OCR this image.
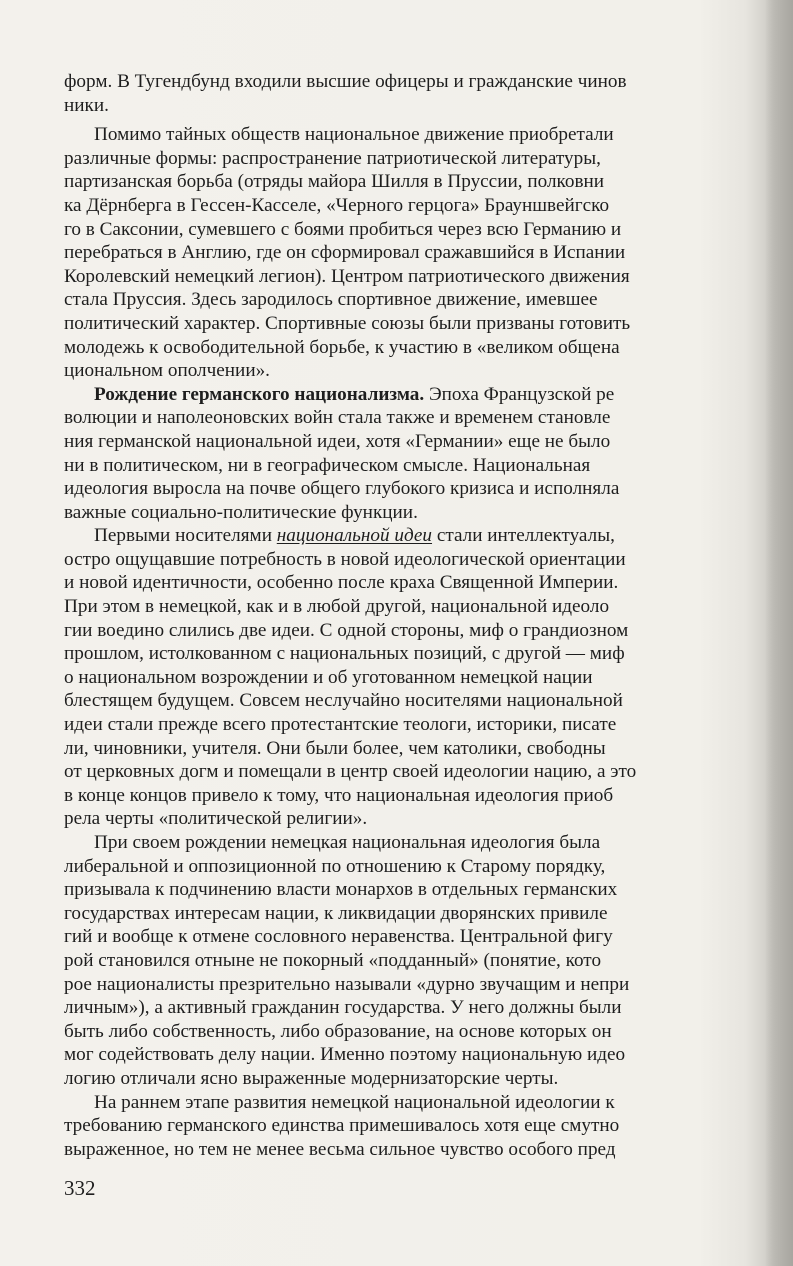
форм. В Тугендбунд входили высшие офицеры и гражданские чинов
ники.
Помимо тайных обществ национальное движение приобретали
различные формы: распространение патриотической литературы,
партизанская борьба (отряды майора Шилля в Пруссии, полковни
ка Дёрнберга в Гессен-Касселе, «Черного герцога» Брауншвейгско
го в Саксонии, сумевшего с боями пробиться через всю Германию и
перебраться в Англию, где он сформировал сражавшийся в Испании
Королевский немецкий легион). Центром патриотического движения
стала Пруссия. Здесь зародилось спортивное движение, имевшее
политический характер. Спортивные союзы были призваны готовить
молодежь к освободительной борьбе, к участию в «великом общена
циональном ополчении».
Рождение германского национализма. Эпоха Французской ре
волюции и наполеоновских войн стала также и временем становле
ния германской национальной идеи, хотя «Германии» еще не было
ни в политическом, ни в географическом смысле. Национальная
идеология выросла на почве общего глубокого кризиса и исполняла
важные социально-политические функции.
Первыми носителями национальной идеи стали интеллектуалы,
остро ощущавшие потребность в новой идеологической ориентации
и новой идентичности, особенно после краха Священной Империи.
При этом в немецкой, как и в любой другой, национальной идеоло
гии воедино слились две идеи. С одной стороны, миф о грандиозном
прошлом, истолкованном с национальных позиций, с другой — миф
о национальном возрождении и об уготованном немецкой нации
блестящем будущем. Совсем неслучайно носителями национальной
идеи стали прежде всего протестантские теологи, историки, писате
ли, чиновники, учителя. Они были более, чем католики, свободны
от церковных догм и помещали в центр своей идеологии нацию, а это
в конце концов привело к тому, что национальная идеология приоб
рела черты «политической религии».
При своем рождении немецкая национальная идеология была
либеральной и оппозиционной по отношению к Старому порядку,
призывала к подчинению власти монархов в отдельных германских
государствах интересам нации, к ликвидации дворянских привиле
гий и вообще к отмене сословного неравенства. Центральной фигу
рой становился отныне не покорный «подданный» (понятие, кото
рое националисты презрительно называли «дурно звучащим и непри
личным»), а активный гражданин государства. У него должны были
быть либо собственность, либо образование, на основе которых он
мог содействовать делу нации. Именно поэтому национальную идео
логию отличали ясно выраженные модернизаторские черты.
На раннем этапе развития немецкой национальной идеологии к
требованию германского единства примешивалось хотя еще смутно
выраженное, но тем не менее весьма сильное чувство особого пред
332
